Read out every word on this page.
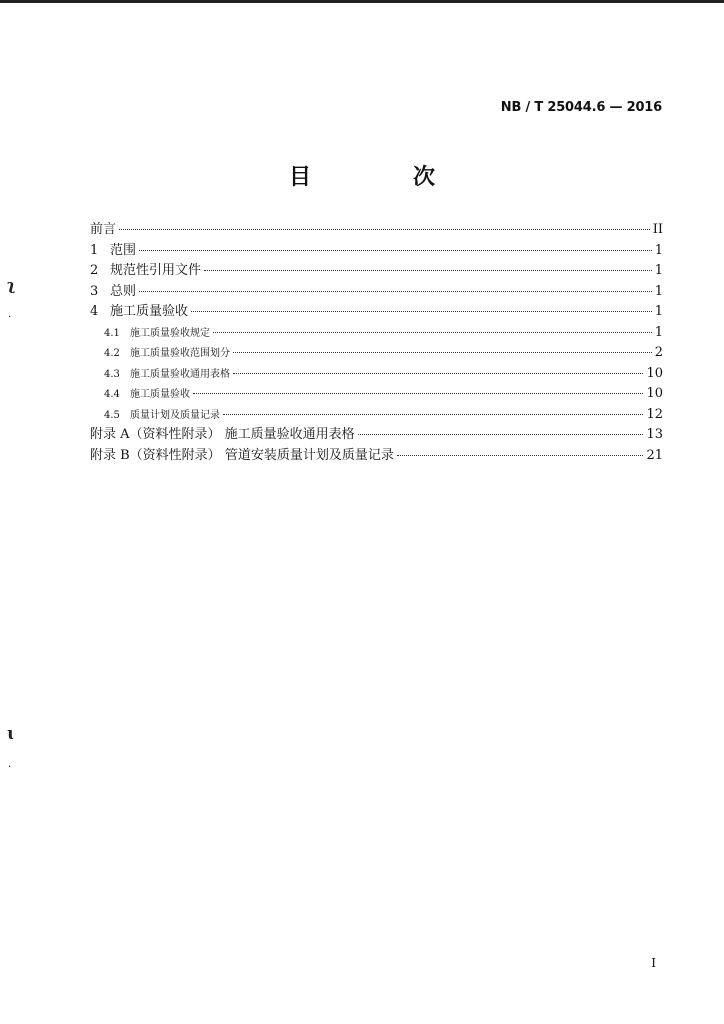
NB / T 25044.6 — 2016
目　次
前言	II
1 范围	1
2 规范性引用文件	1
3 总则	1
4 施工质量验收	1
4.1	施工质量验收规定	1
4.2	施工质量验收范围划分	2
4.3	施工质量验收通用表格	10
4.4	施工质量验收	10
4.5	质量计划及质量记录	12
附录 A（资料性附录） 施工质量验收通用表格	13
附录 B（资料性附录） 管道安装质量计划及质量记录	21
ʅ
·
ɩ
·
I
